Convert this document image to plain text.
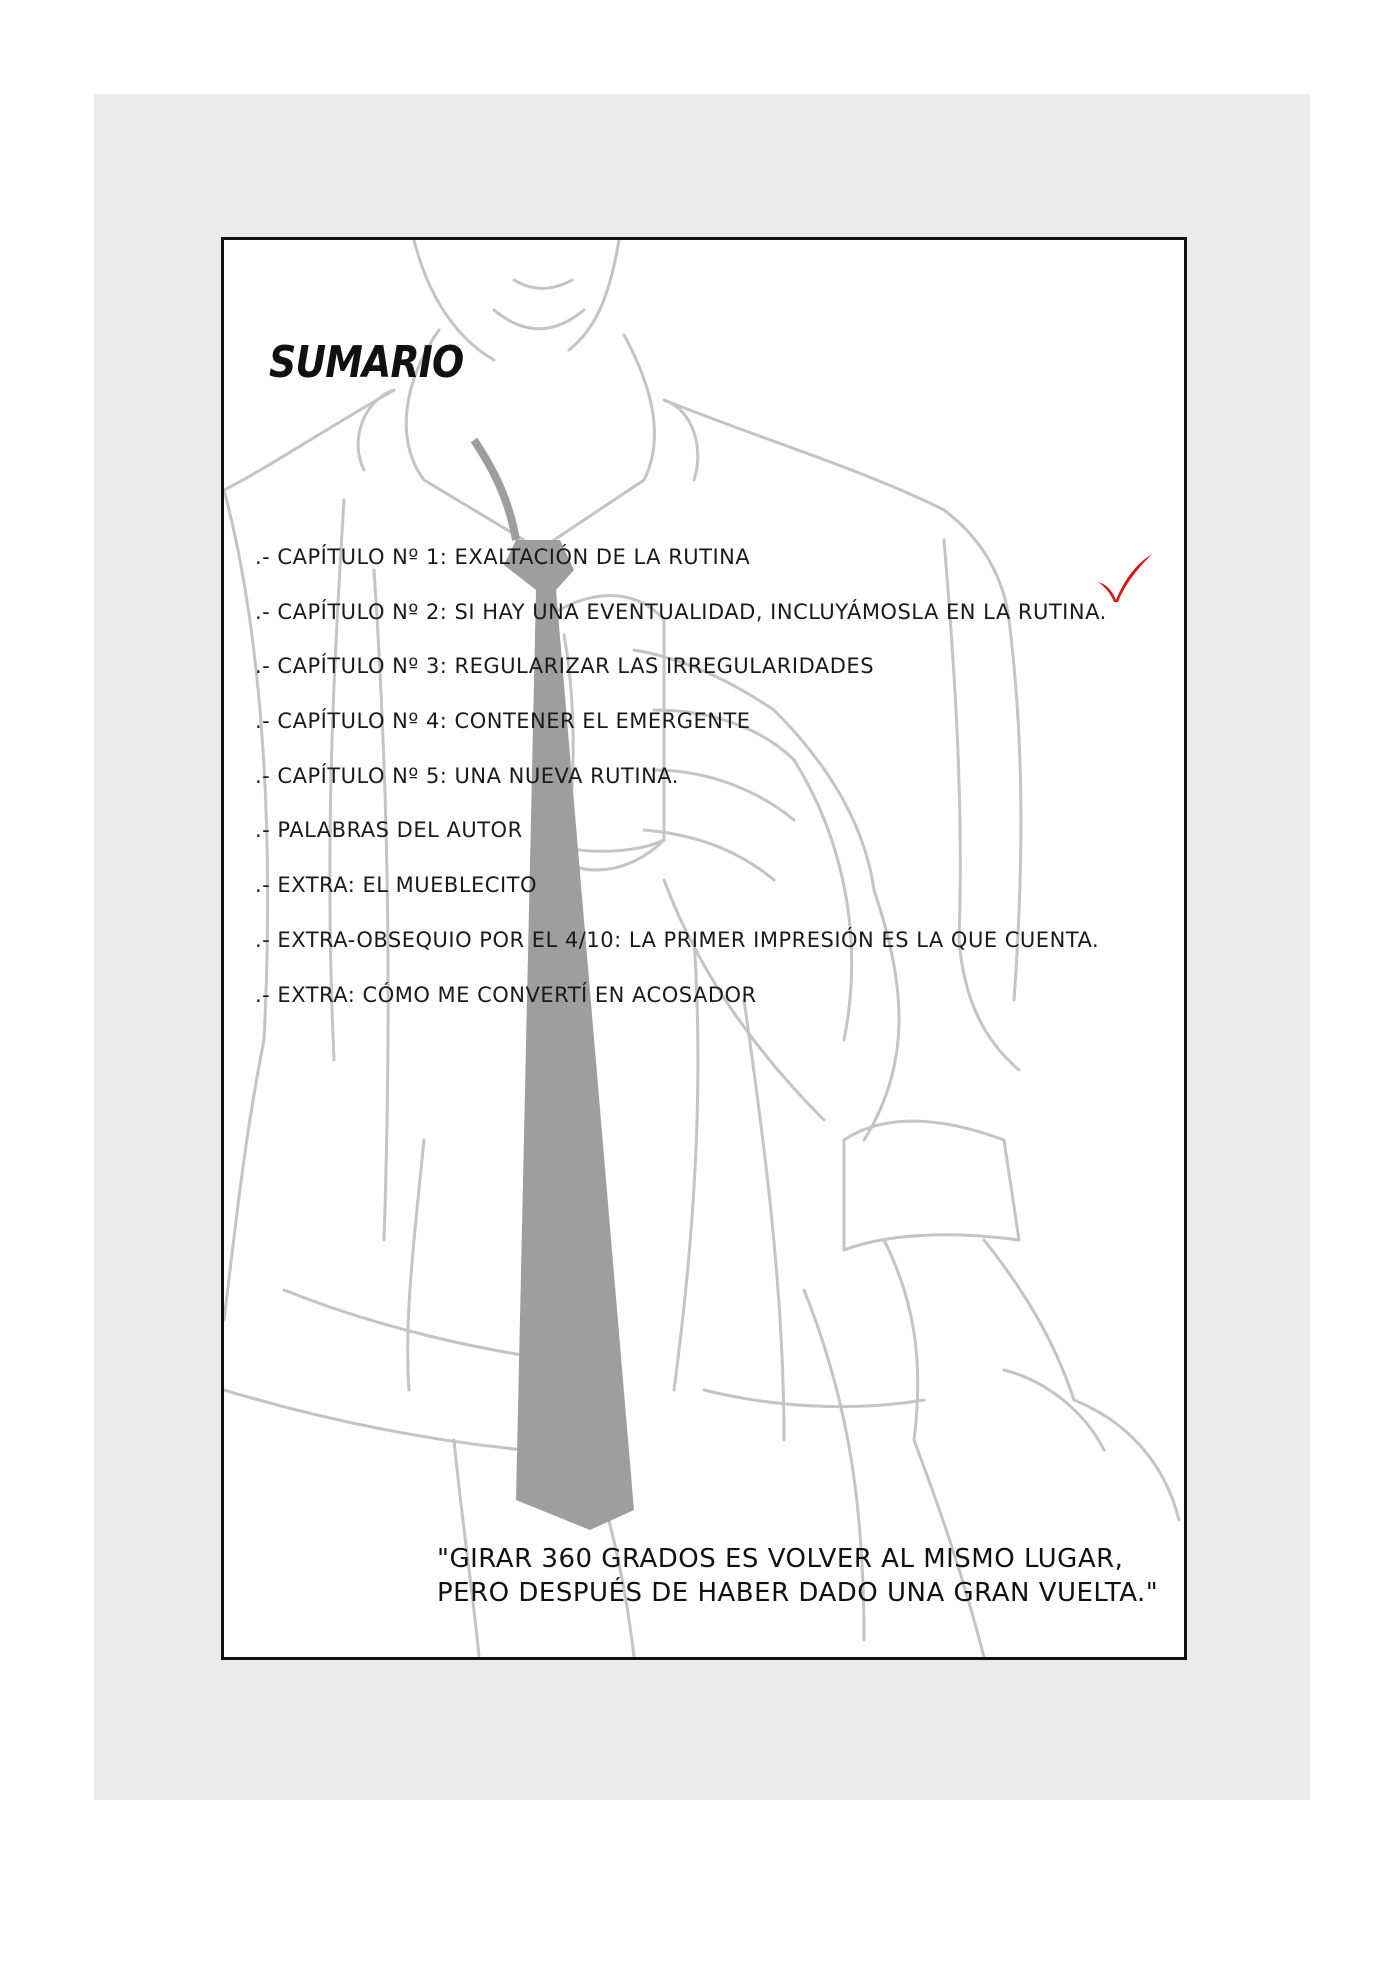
SUMARIO
.- CAPÍTULO Nº 1: EXALTACIÓN DE LA RUTINA
.- CAPÍTULO Nº 2: SI HAY UNA EVENTUALIDAD, INCLUYÁMOSLA EN LA RUTINA.
.- CAPÍTULO Nº 3: REGULARIZAR LAS IRREGULARIDADES
.- CAPÍTULO Nº 4: CONTENER EL EMERGENTE
.- CAPÍTULO Nº 5: UNA NUEVA RUTINA.
.- PALABRAS DEL AUTOR
.- EXTRA: EL MUEBLECITO
.- EXTRA-OBSEQUIO POR EL 4/10: LA PRIMER IMPRESIÓN ES LA QUE CUENTA.
.- EXTRA: CÓMO ME CONVERTÍ EN ACOSADOR
"GIRAR 360 GRADOS ES VOLVER AL MISMO LUGAR,
PERO DESPUÉS DE HABER DADO UNA GRAN VUELTA."
